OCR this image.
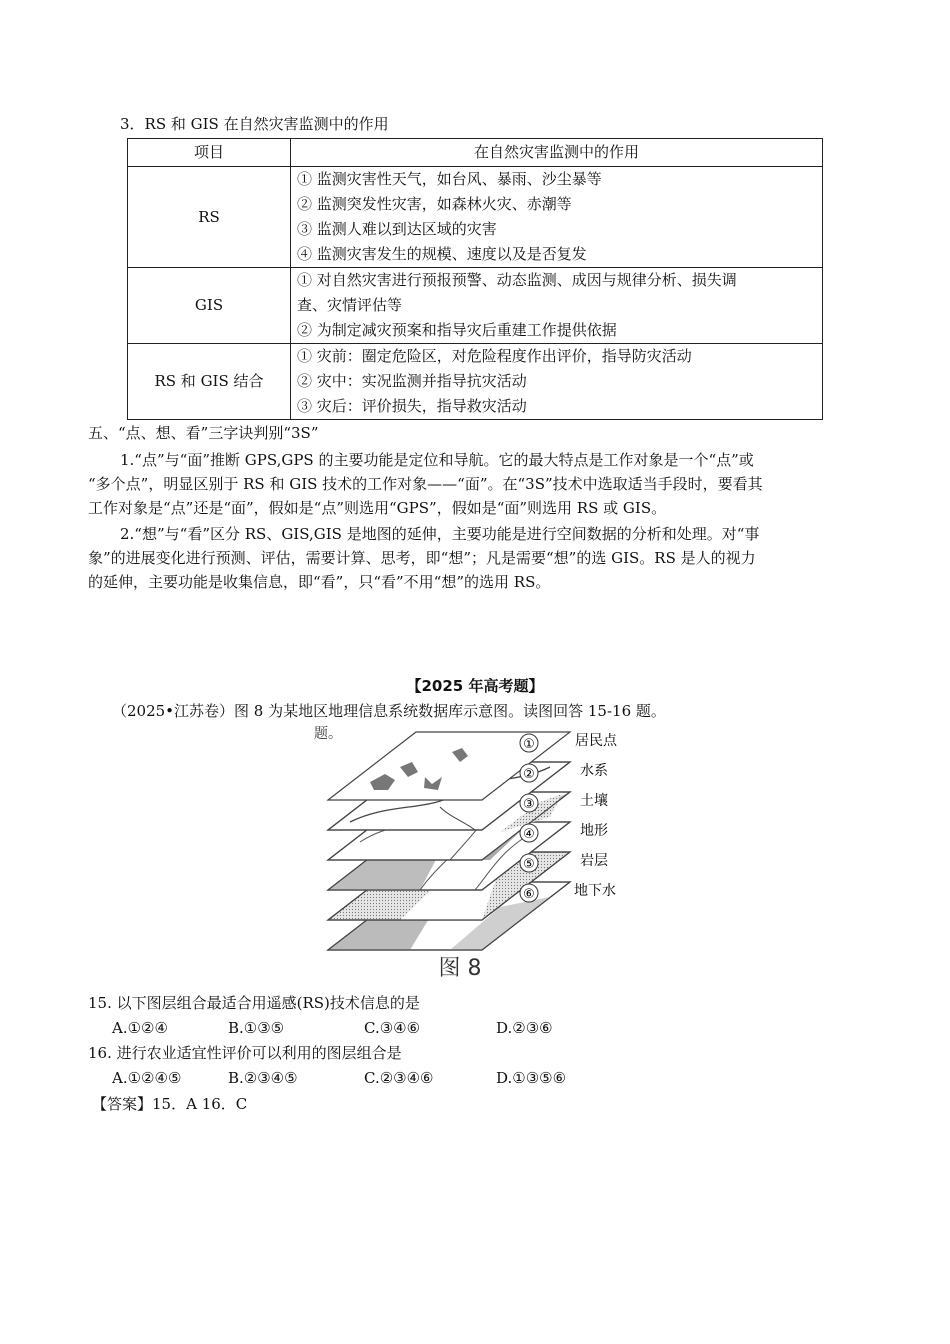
3．RS 和 GIS 在自然灾害监测中的作用
项目	在自然灾害监测中的作用
RS	① 监测灾害性天气，如台风、暴雨、沙尘暴等
② 监测突发性灾害，如森林火灾、赤潮等
③ 监测人难以到达区域的灾害
④ 监测灾害发生的规模、速度以及是否复发

GIS	① 对自然灾害进行预报预警、动态监测、成因与规律分析、损失调
查、灾情评估等
② 为制定减灾预案和指导灾后重建工作提供依据

RS 和 GIS 结合	① 灾前：圈定危险区，对危险程度作出评价，指导防灾活动
② 灾中：实况监测并指导抗灾活动
③ 灾后：评价损失，指导救灾活动
五、“点、想、看”三字诀判别“3S”
1.“点”与“面”推断 GPS,GPS 的主要功能是定位和导航。它的最大特点是工作对象是一个“点”或
“多个点”，明显区别于 RS 和 GIS 技术的工作对象——“面”。在“3S”技术中选取适当手段时，要看其
工作对象是“点”还是“面”，假如是“点”则选用“GPS”，假如是“面”则选用 RS 或 GIS。
2.“想”与“看”区分 RS、GIS,GIS 是地图的延伸，主要功能是进行空间数据的分析和处理。对“事
象”的进展变化进行预测、评估，需要计算、思考，即“想”；凡是需要“想”的选 GIS。RS 是人的视力
的延伸，主要功能是收集信息，即“看”，只“看”不用“想”的选用 RS。
【2025 年高考题】
（2025•江苏卷）图 8 为某地区地理信息系统数据库示意图。读图回答 15-16 题。
题。
①	居民点
②	水系
③	土壤
④	地形
⑤	岩层
⑥	地下水
图 8
15. 以下图层组合最适合用遥感(RS)技术信息的是
A.①②④	B.①③⑤	C.③④⑥	D.②③⑥
16. 进行农业适宜性评价可以利用的图层组合是
A.①②④⑤	B.②③④⑤	C.②③④⑥	D.①③⑤⑥
【答案】15．A 16．C
